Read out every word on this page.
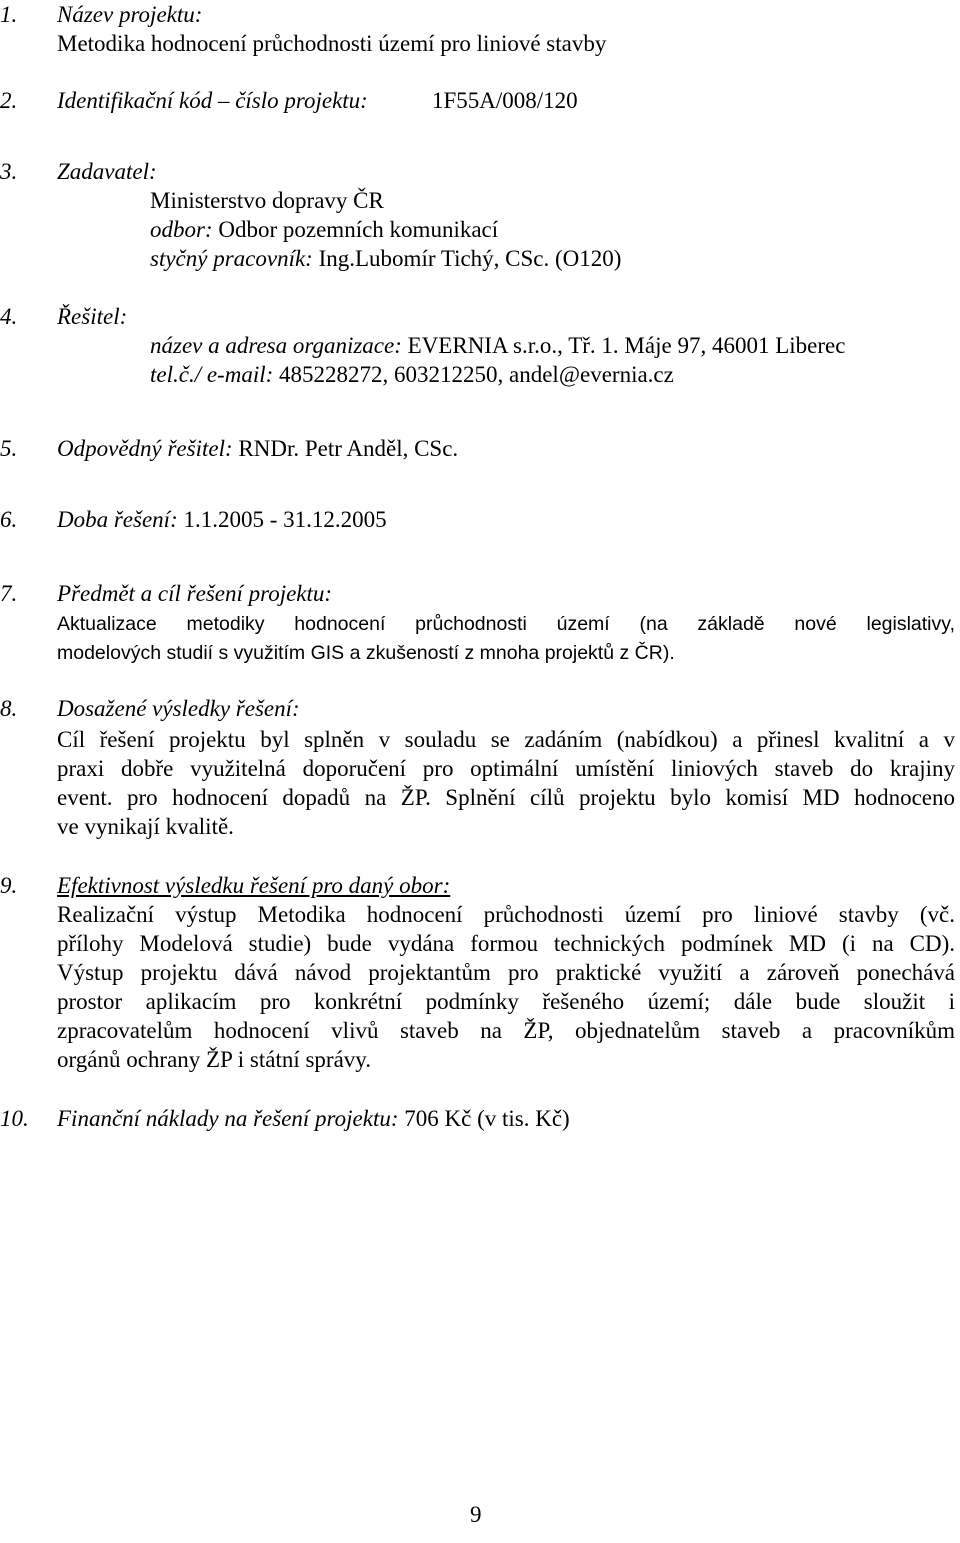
1. Název projektu:
Metodika hodnocení průchodnosti území pro liniové stavby
2. Identifikační kód – číslo projektu:	1F55A/008/120
3. Zadavatel:
Ministerstvo dopravy ČR
odbor: Odbor pozemních komunikací
styčný pracovník: Ing.Lubomír Tichý, CSc. (O120)
4. Řešitel:
název a adresa organizace: EVERNIA s.r.o., Tř. 1. Máje 97, 46001 Liberec
tel.č./ e-mail: 485228272, 603212250, andel@evernia.cz
5. Odpovědný řešitel: RNDr. Petr Anděl, CSc.
6. Doba řešení: 1.1.2005 - 31.12.2005
7. Předmět a cíl řešení projektu:
Aktualizace metodiky hodnocení průchodnosti území (na základě nové legislativy,
modelových studií s využitím GIS a zkušeností z mnoha projektů z ČR).
8. Dosažené výsledky řešení:
Cíl řešení projektu byl splněn v souladu se zadáním (nabídkou) a přinesl kvalitní a v
praxi dobře využitelná doporučení pro optimální umístění liniových staveb do krajiny
event. pro hodnocení dopadů na ŽP. Splnění cílů projektu bylo komisí MD hodnoceno
ve vynikají kvalitě.
9. Efektivnost výsledku řešení pro daný obor:
Realizační výstup Metodika hodnocení průchodnosti území pro liniové stavby (vč.
přílohy Modelová studie) bude vydána formou technických podmínek MD (i na CD).
Výstup projektu dává návod projektantům pro praktické využití a zároveň ponechává
prostor aplikacím pro konkrétní podmínky řešeného území; dále bude sloužit i
zpracovatelům hodnocení vlivů staveb na ŽP, objednatelům staveb a pracovníkům
orgánů ochrany ŽP i státní správy.
10. Finanční náklady na řešení projektu: 706 Kč (v tis. Kč)
9
